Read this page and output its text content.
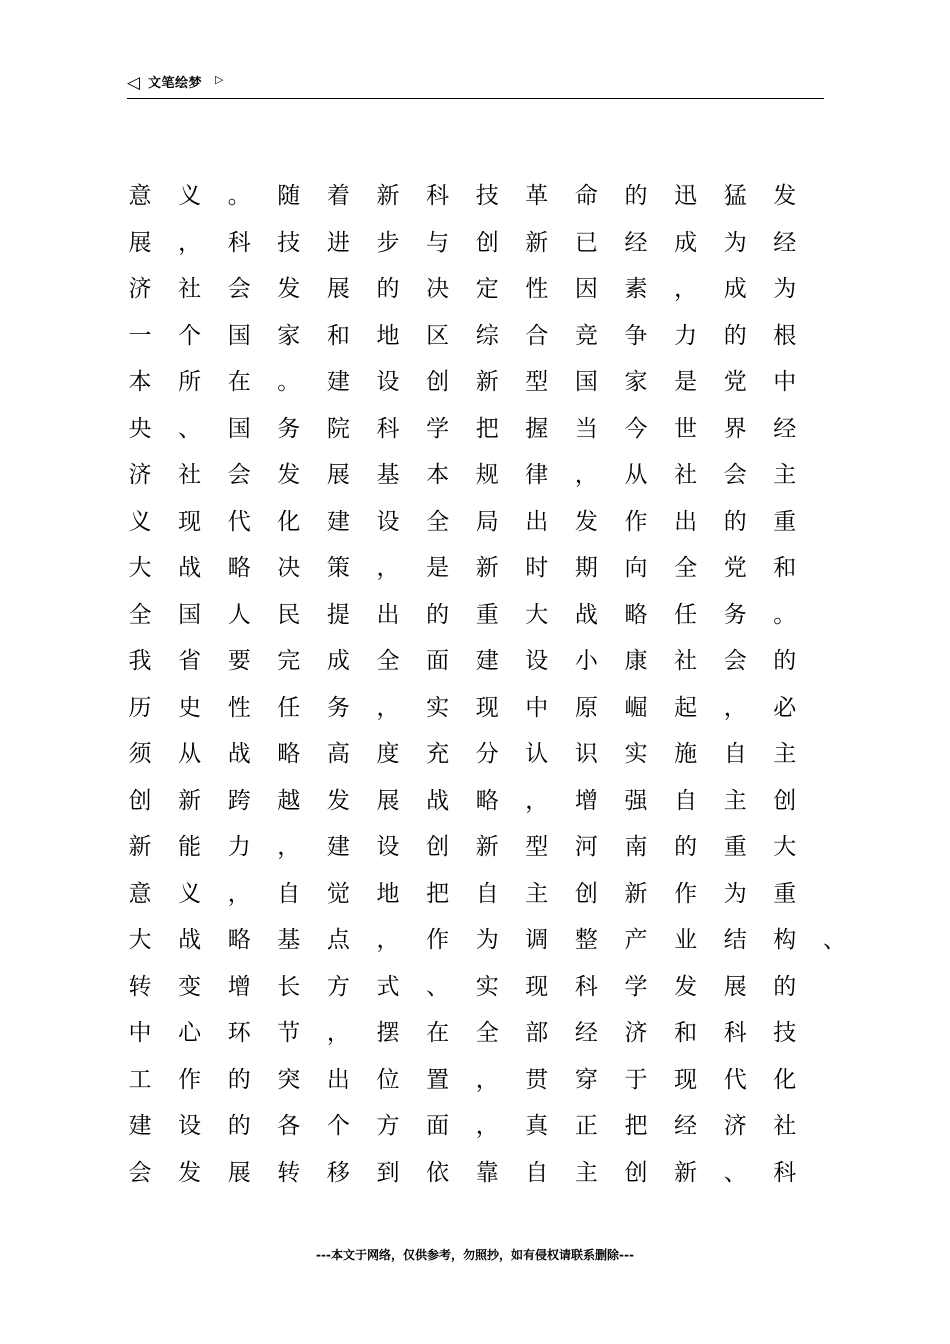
◁ 文笔绘梦 ▷
意	义	。	随	着	新	科	技	革	命	的	迅	猛	发
展	，	科	技	进	步	与	创	新	已	经	成	为	经
济	社	会	发	展	的	决	定	性	因	素	，	成	为
一	个	国	家	和	地	区	综	合	竞	争	力	的	根
本	所	在	。	建	设	创	新	型	国	家	是	党	中
央	、	国	务	院	科	学	把	握	当	今	世	界	经
济	社	会	发	展	基	本	规	律	，	从	社	会	主
义	现	代	化	建	设	全	局	出	发	作	出	的	重
大	战	略	决	策	，	是	新	时	期	向	全	党	和
全	国	人	民	提	出	的	重	大	战	略	任	务	。
我	省	要	完	成	全	面	建	设	小	康	社	会	的
历	史	性	任	务	，	实	现	中	原	崛	起	，	必
须	从	战	略	高	度	充	分	认	识	实	施	自	主
创	新	跨	越	发	展	战	略	，	增	强	自	主	创
新	能	力	，	建	设	创	新	型	河	南	的	重	大
意	义	，	自	觉	地	把	自	主	创	新	作	为	重
大	战	略	基	点	，	作	为	调	整	产	业	结	构	、
转	变	增	长	方	式	、	实	现	科	学	发	展	的
中	心	环	节	，	摆	在	全	部	经	济	和	科	技
工	作	的	突	出	位	置	，	贯	穿	于	现	代	化
建	设	的	各	个	方	面	，	真	正	把	经	济	社
会	发	展	转	移	到	依	靠	自	主	创	新	、	科
---本文于网络，仅供参考，勿照抄，如有侵权请联系删除---
